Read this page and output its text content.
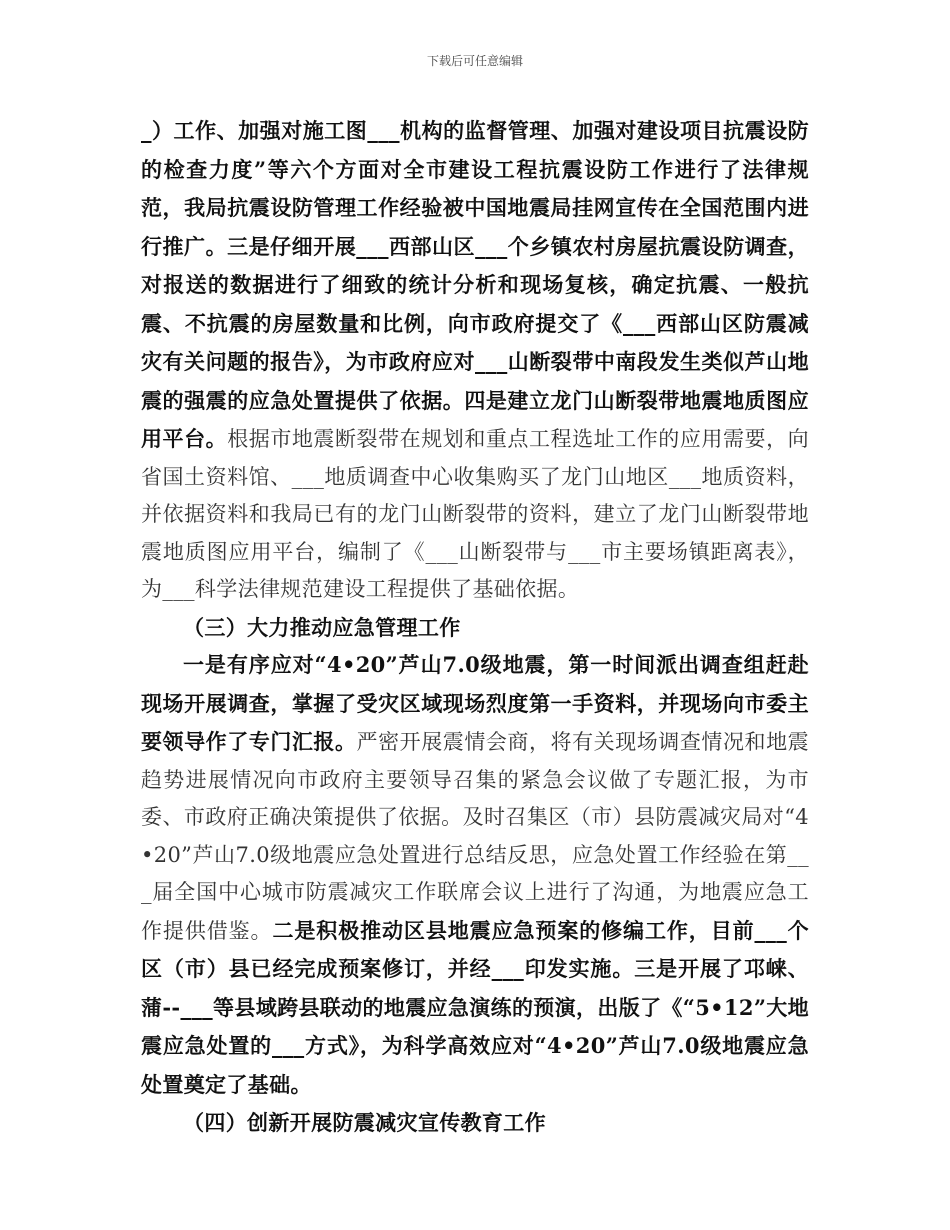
下载后可任意编辑

_）工作、加强对施工图___机构的监督管理、加强对建设项目抗震设防的检查力度”等六个方面对全市建设工程抗震设防工作进行了法律规范，我局抗震设防管理工作经验被中国地震局挂网宣传在全国范围内进行推广。三是仔细开展___西部山区___个乡镇农村房屋抗震设防调查，对报送的数据进行了细致的统计分析和现场复核，确定抗震、一般抗震、不抗震的房屋数量和比例，向市政府提交了《___西部山区防震减灾有关问题的报告》，为市政府应对___山断裂带中南段发生类似芦山地震的强震的应急处置提供了依据。四是建立龙门山断裂带地震地质图应用平台。根据市地震断裂带在规划和重点工程选址工作的应用需要，向省国土资料馆、___地质调查中心收集购买了龙门山地区___地质资料，并依据资料和我局已有的龙门山断裂带的资料，建立了龙门山断裂带地震地质图应用平台，编制了《___山断裂带与___市主要场镇距离表》，为___科学法律规范建设工程提供了基础依据。

（三）大力推动应急管理工作

一是有序应对“4•20”芦山7.0级地震，第一时间派出调查组赶赴现场开展调查，掌握了受灾区域现场烈度第一手资料，并现场向市委主要领导作了专门汇报。严密开展震情会商，将有关现场调查情况和地震趋势进展情况向市政府主要领导召集的紧急会议做了专题汇报，为市委、市政府正确决策提供了依据。及时召集区（市）县防震减灾局对“4•20”芦山7.0级地震应急处置进行总结反思，应急处置工作经验在第___届全国中心城市防震减灾工作联席会议上进行了沟通，为地震应急工作提供借鉴。二是积极推动区县地震应急预案的修编工作，目前___个区（市）县已经完成预案修订，并经___印发实施。三是开展了邛崃、蒲--___等县域跨县联动的地震应急演练的预演，出版了《“5•12”大地震应急处置的___方式》，为科学高效应对“4•20”芦山7.0级地震应急处置奠定了基础。

（四）创新开展防震减灾宣传教育工作
